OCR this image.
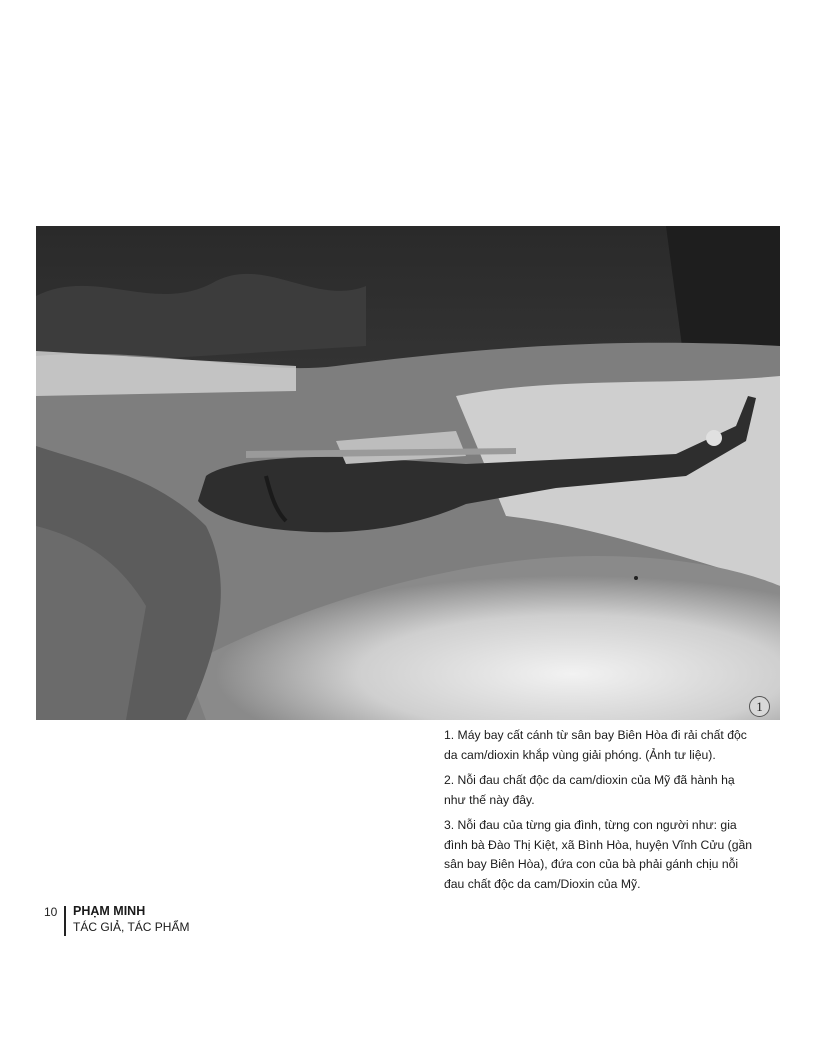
1

1. Máy bay cất cánh từ sân bay Biên Hòa đi rải chất độc da cam/dioxin khắp vùng giải phóng. (Ảnh tư liệu).

2. Nỗi đau chất độc da cam/dioxin của Mỹ đã hành hạ như thế này đây.

3. Nỗi đau của từng gia đình, từng con người như: gia đình bà Đào Thị Kiệt, xã Bình Hòa, huyện Vĩnh Cửu (gần sân bay Biên Hòa), đứa con của bà phải gánh chịu nỗi đau chất độc da cam/Dioxin của Mỹ.

10 PHẠM MINH
TÁC GIẢ, TÁC PHẨM
